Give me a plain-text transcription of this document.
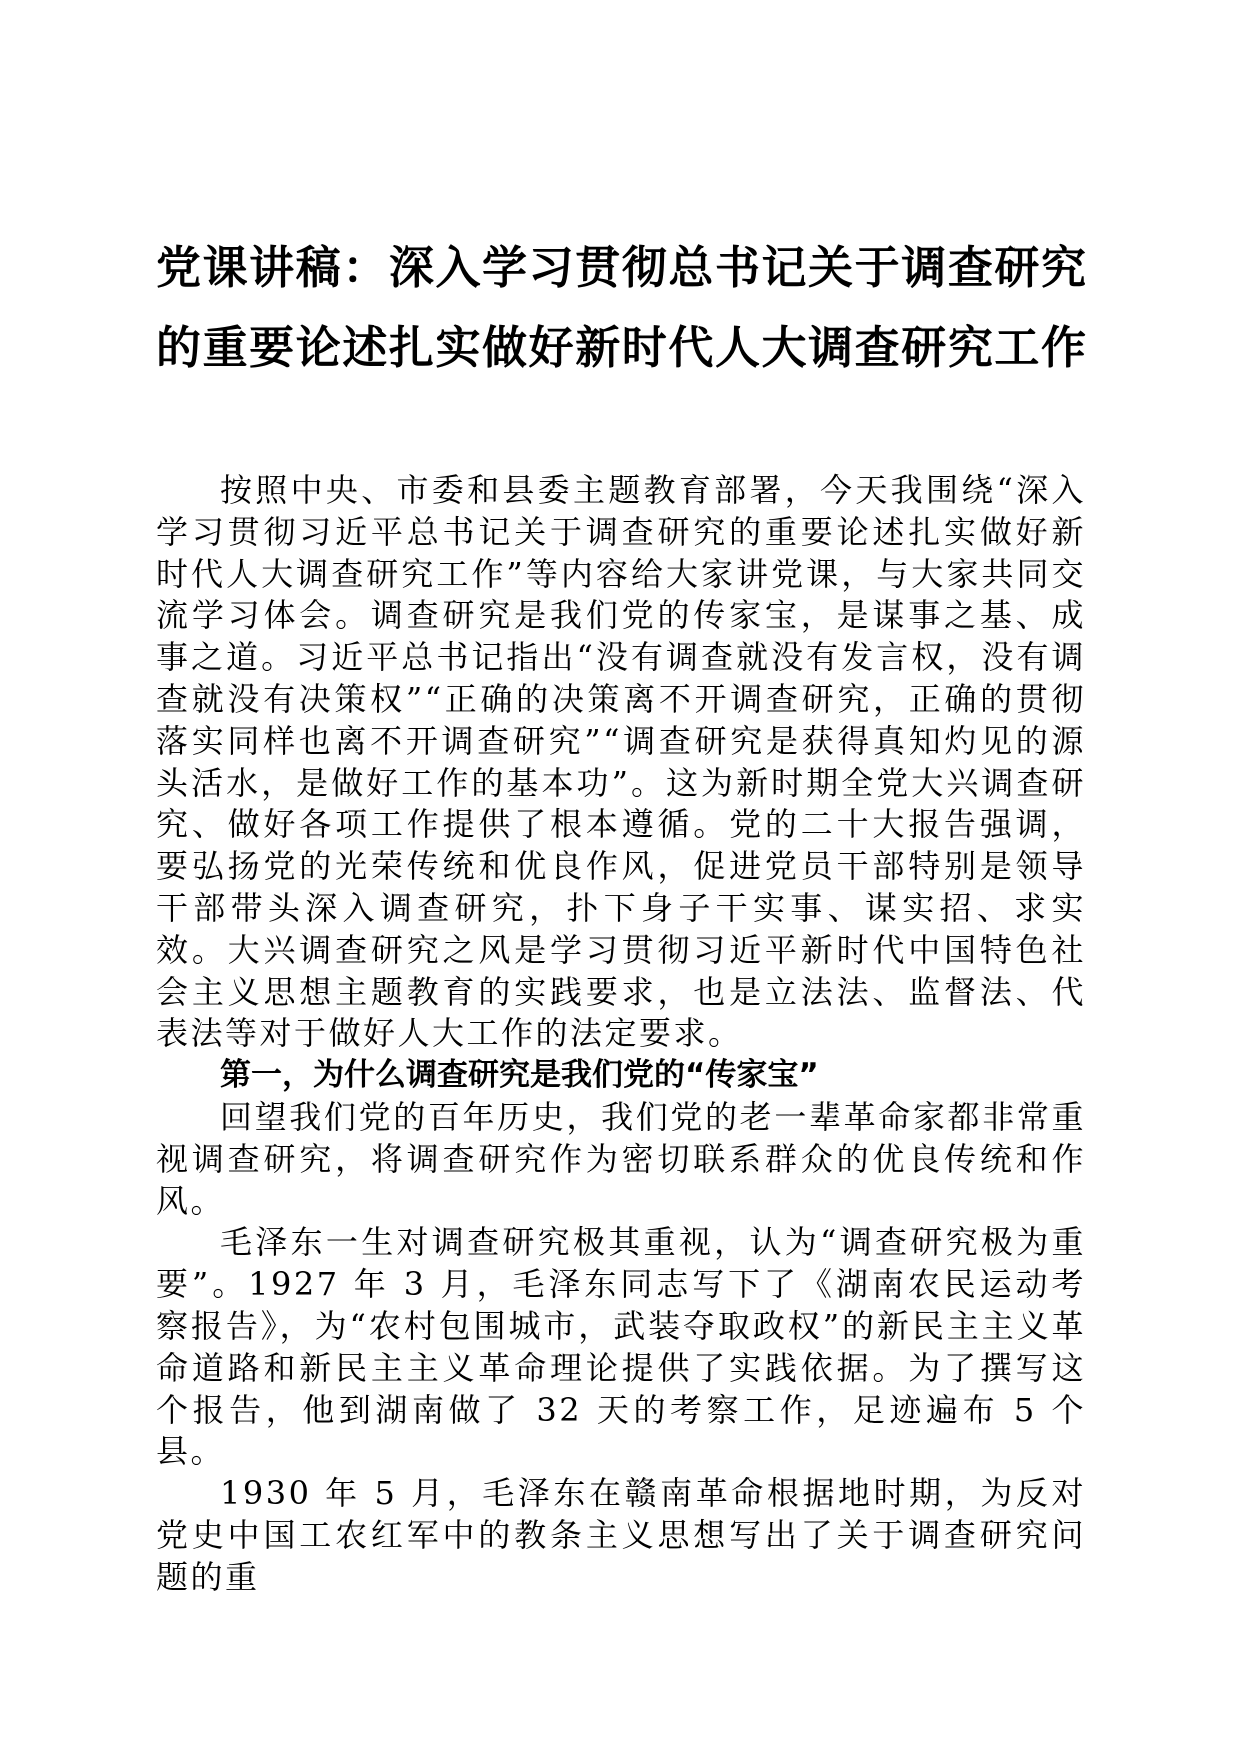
党课讲稿：深入学习贯彻总书记关于调查研究
的重要论述扎实做好新时代人大调查研究工作

按照中央、市委和县委主题教育部署，今天我围绕“深入学习贯彻习近平总书记关于调查研究的重要论述扎实做好新时代人大调查研究工作”等内容给大家讲党课，与大家共同交流学习体会。调查研究是我们党的传家宝，是谋事之基、成事之道。习近平总书记指出“没有调查就没有发言权，没有调查就没有决策权”“正确的决策离不开调查研究，正确的贯彻落实同样也离不开调查研究”“调查研究是获得真知灼见的源头活水，是做好工作的基本功”。这为新时期全党大兴调查研究、做好各项工作提供了根本遵循。党的二十大报告强调，要弘扬党的光荣传统和优良作风，促进党员干部特别是领导干部带头深入调查研究，扑下身子干实事、谋实招、求实效。大兴调查研究之风是学习贯彻习近平新时代中国特色社会主义思想主题教育的实践要求，也是立法法、监督法、代表法等对于做好人大工作的法定要求。

第一，为什么调查研究是我们党的“传家宝”

回望我们党的百年历史，我们党的老一辈革命家都非常重视调查研究，将调查研究作为密切联系群众的优良传统和作风。

毛泽东一生对调查研究极其重视，认为“调查研究极为重要”。1927 年 3 月，毛泽东同志写下了《湖南农民运动考察报告》，为“农村包围城市，武装夺取政权”的新民主主义革命道路和新民主主义革命理论提供了实践依据。为了撰写这个报告，他到湖南做了 32 天的考察工作，足迹遍布 5 个县。

1930 年 5 月，毛泽东在赣南革命根据地时期，为反对党史中国工农红军中的教条主义思想写出了关于调查研究问题的重
